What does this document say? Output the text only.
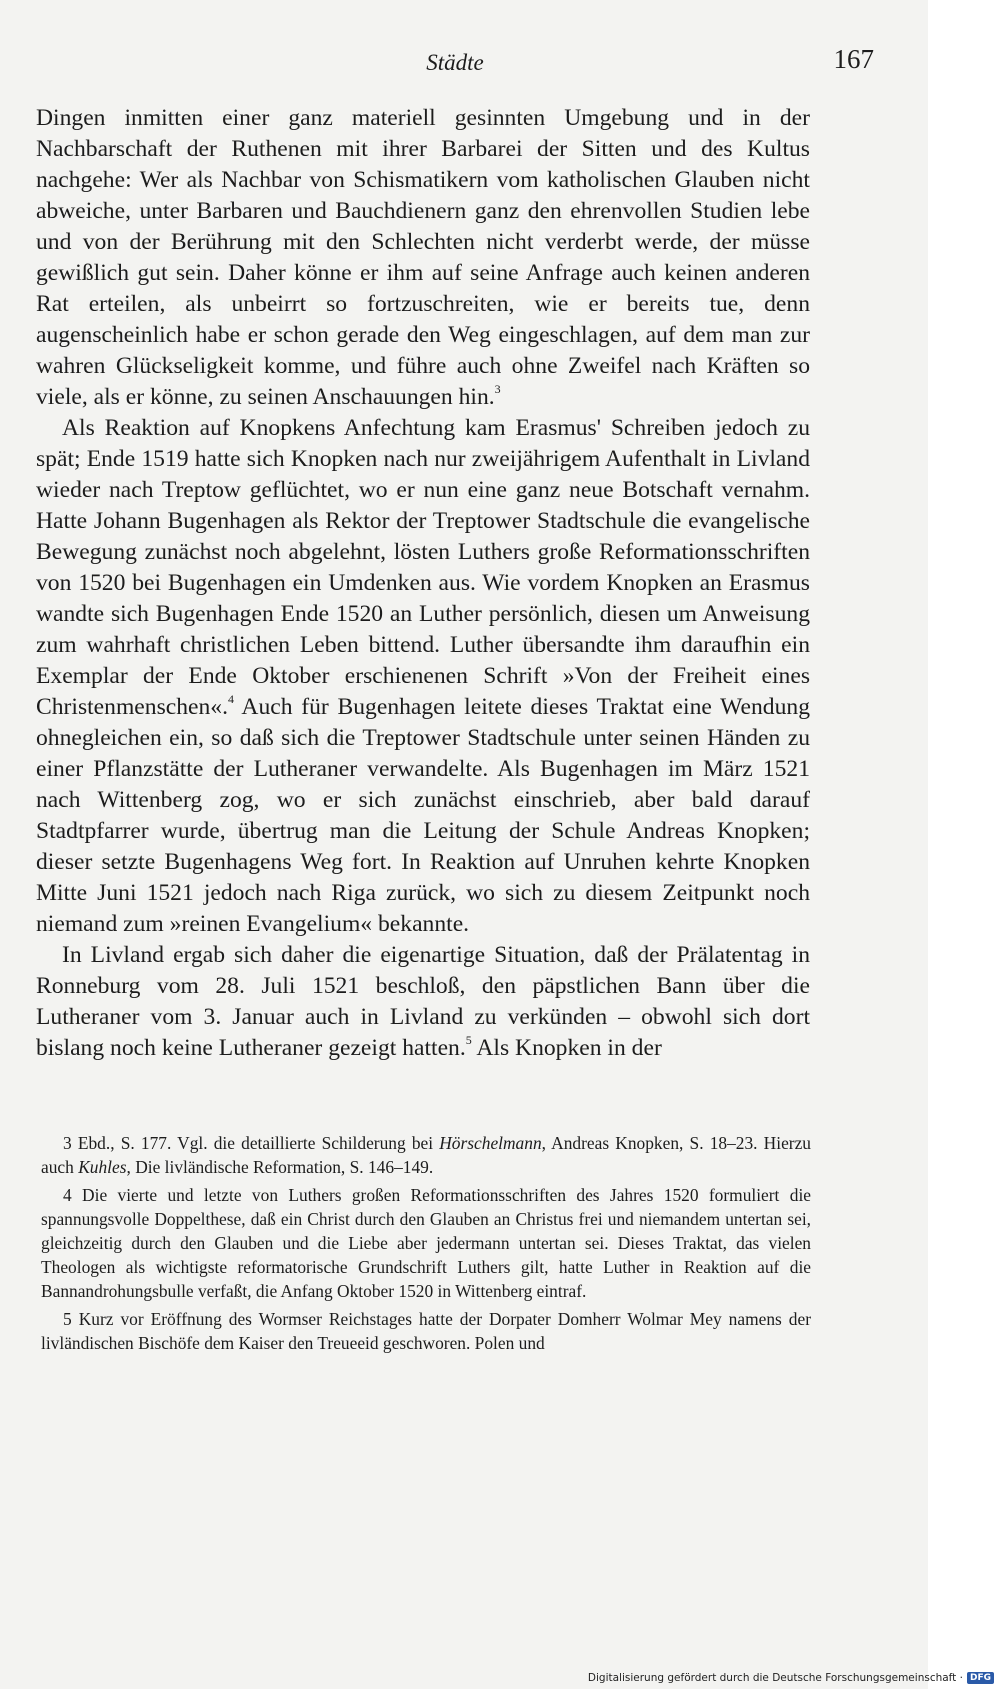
Städte	167

Dingen inmitten einer ganz materiell gesinnten Umgebung und in der Nachbarschaft der Ruthenen mit ihrer Barbarei der Sitten und des Kultus nachgehe: Wer als Nachbar von Schismatikern vom katholischen Glauben nicht abweiche, unter Barbaren und Bauchdienern ganz den ehrenvollen Studien lebe und von der Berührung mit den Schlechten nicht verderbt werde, der müsse gewißlich gut sein. Daher könne er ihm auf seine Anfrage auch keinen anderen Rat erteilen, als unbeirrt so fortzuschreiten, wie er bereits tue, denn augenscheinlich habe er schon gerade den Weg eingeschlagen, auf dem man zur wahren Glückseligkeit komme, und führe auch ohne Zweifel nach Kräften so viele, als er könne, zu seinen Anschauungen hin.$^3$

Als Reaktion auf Knopkens Anfechtung kam Erasmus' Schreiben jedoch zu spät; Ende 1519 hatte sich Knopken nach nur zweijährigem Aufenthalt in Livland wieder nach Treptow geflüchtet, wo er nun eine ganz neue Botschaft vernahm. Hatte Johann Bugenhagen als Rektor der Treptower Stadtschule die evangelische Bewegung zunächst noch abgelehnt, lösten Luthers große Reformationsschriften von 1520 bei Bugenhagen ein Umdenken aus. Wie vordem Knopken an Erasmus wandte sich Bugenhagen Ende 1520 an Luther persönlich, diesen um Anweisung zum wahrhaft christlichen Leben bittend. Luther übersandte ihm daraufhin ein Exemplar der Ende Oktober erschienenen Schrift »Von der Freiheit eines Christenmenschen«.$^4$ Auch für Bugenhagen leitete dieses Traktat eine Wendung ohnegleichen ein, so daß sich die Treptower Stadtschule unter seinen Händen zu einer Pflanzstätte der Lutheraner verwandelte. Als Bugenhagen im März 1521 nach Wittenberg zog, wo er sich zunächst einschrieb, aber bald darauf Stadtpfarrer wurde, übertrug man die Leitung der Schule Andreas Knopken; dieser setzte Bugenhagens Weg fort. In Reaktion auf Unruhen kehrte Knopken Mitte Juni 1521 jedoch nach Riga zurück, wo sich zu diesem Zeitpunkt noch niemand zum »reinen Evangelium« bekannte.

In Livland ergab sich daher die eigenartige Situation, daß der Prälatentag in Ronneburg vom 28. Juli 1521 beschloß, den päpstlichen Bann über die Lutheraner vom 3. Januar auch in Livland zu verkünden – obwohl sich dort bislang noch keine Lutheraner gezeigt hatten.$^5$ Als Knopken in der

3 Ebd., S. 177. Vgl. die detaillierte Schilderung bei Hörschelmann, Andreas Knopken, S. 18–23. Hierzu auch Kuhles, Die livländische Reformation, S. 146–149.

4 Die vierte und letzte von Luthers großen Reformationsschriften des Jahres 1520 formuliert die spannungsvolle Doppelthese, daß ein Christ durch den Glauben an Christus frei und niemandem untertan sei, gleichzeitig durch den Glauben und die Liebe aber jedermann untertan sei. Dieses Traktat, das vielen Theologen als wichtigste reformatorische Grundschrift Luthers gilt, hatte Luther in Reaktion auf die Bannandrohungsbulle verfaßt, die Anfang Oktober 1520 in Wittenberg eintraf.

5 Kurz vor Eröffnung des Wormser Reichstages hatte der Dorpater Domherr Wolmar Mey namens der livländischen Bischöfe dem Kaiser den Treueeid geschworen. Polen und

Digitalisierung gefördert durch die Deutsche Forschungsgemeinschaft · DFG
